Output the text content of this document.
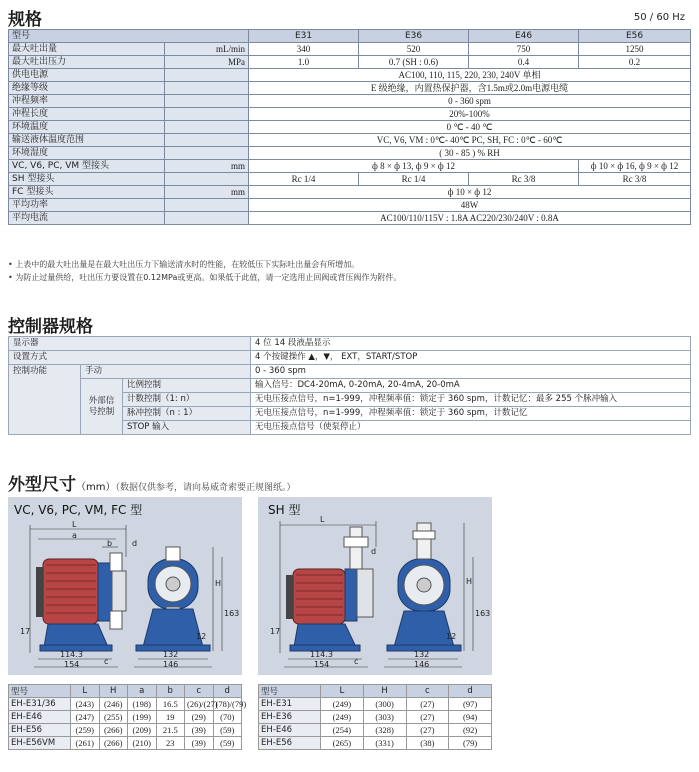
规格	50 / 60 Hz
型号		E31	E36	E46	E56
最大吐出量	mL/min	340	520	750	1250
最大吐出压力	MPa	1.0	0.7 (SH : 0.6)	0.4	0.2
供电电源		AC100, 110, 115, 220, 230, 240V 单相			
绝缘等级		E 级绝缘，内置热保护器，含1.5m或2.0m电源电缆			
冲程频率		0 - 360 spm			
冲程长度		20%-100%			
环境温度		0 ℃ - 40 ℃			
输送液体温度范围		VC, V6, VM : 0℃- 40℃ PC, SH, FC : 0℃ - 60℃			
环境湿度		( 30 - 85 ) % RH			
VC, V6, PC, VM 型接头	mm	ф 8 × ф 13, ф 9 × ф 12			ф 10 × ф 16, ф 9 × ф 12
SH 型接头		Rc 1/4	Rc 1/4	Rc 3/8	Rc 3/8
FC 型接头	mm	ф 10 × ф 12			
平均功率		48W			
平均电流		AC100/110/115V : 1.8A AC220/230/240V : 0.8A			
• 上表中的最大吐出量是在最大吐出压力下输送清水时的性能，在较低压下实际吐出量会有所增加。
• 为防止过量供给，吐出压力要设置在0.12MPa或更高。如果低于此值，请一定选用止回阀或背压阀作为附件。
控制器规格
显示器			4 位 14 段液晶显示
设置方式			4 个按键操作 ▲，▼， EXT，START/STOP
控制功能	手动		0 - 360 spm
	外部信号控制	比例控制	输入信号：DC4-20mA, 0-20mA, 20-4mA, 20-0mA
		计数控制（1: n）	无电压接点信号，n=1-999，冲程频率值：锁定于 360 spm，计数记忆：最多 255 个脉冲输入
		脉冲控制（n : 1）	无电压接点信号，n=1-999，冲程频率值：锁定于 360 spm，计数记忆
		STOP 输入	无电压接点信号（使泵停止）
外型尺寸（mm）（数据仅供参考，请向易威奇索要正规图纸。）
VC, V6, PC, VM, FC 型
L
a
b d
H
17
c
114.3
154
132
146
12
163
SH 型
L
d
H
17
c
114.3
154
132
146
12
163
型号	L	H	a	b	c	d
EH-E31/36	(243)	(246)	(198)	16.5	(26)/(27)	(78)/(79)
EH-E46	(247)	(255)	(199)	19	(29)	(70)
EH-E56	(259)	(266)	(209)	21.5	(39)	(59)
EH-E56VM	(261)	(266)	(210)	23	(39)	(59)
型号	L	H	c	d
EH-E31	(249)	(300)	(27)	(97)
EH-E36	(249)	(303)	(27)	(94)
EH-E46	(254)	(328)	(27)	(92)
EH-E56	(265)	(331)	(38)	(79)
